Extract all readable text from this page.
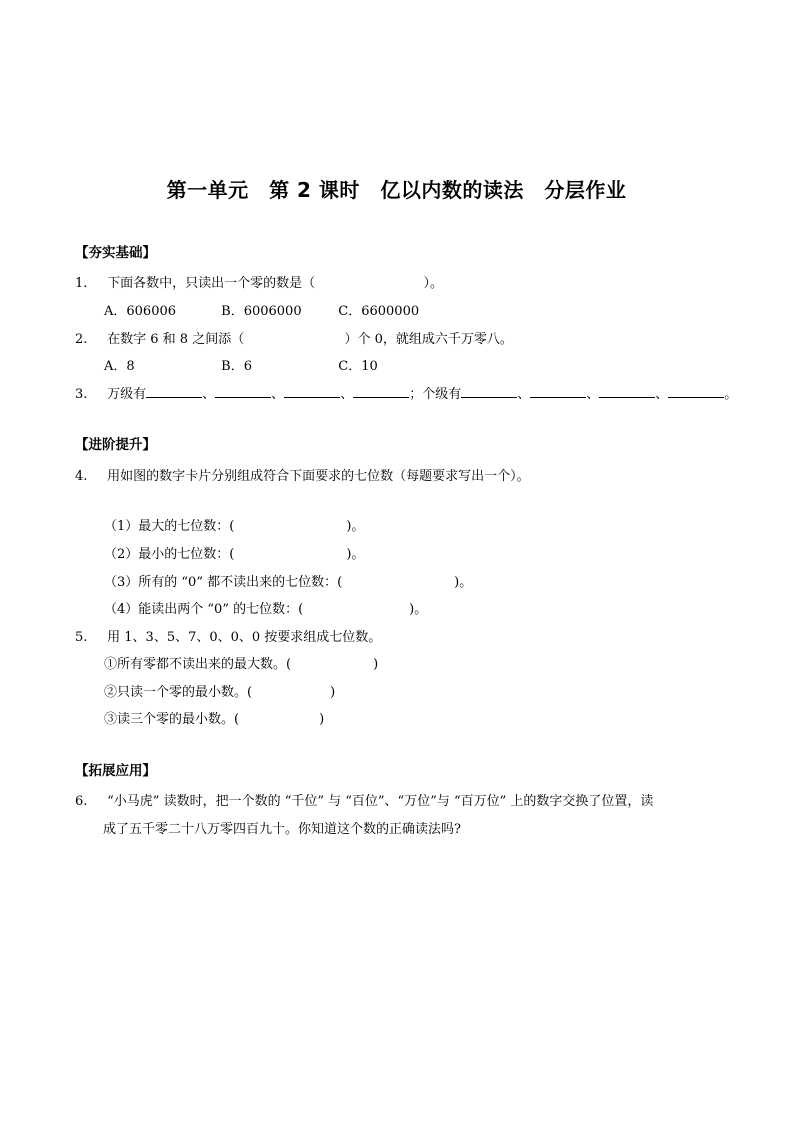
第一单元　第 2 课时　亿以内数的读法　分层作业
【夯实基础】
1. 下面各数中，只读出一个零的数是（	）。
A．606006	B．6006000	C．6600000
2. 在数字 6 和 8 之间添（	）个 0，就组成六千万零八。
A．8	B．6	C．10
3. 万级有	、	、	、	；个级有	、	、	、	。
【进阶提升】
4. 用如图的数字卡片分别组成符合下面要求的七位数（每题要求写出一个）。
（1）最大的七位数：(	)。
（2）最小的七位数：(	)。
（3）所有的 “0” 都不读出来的七位数：(	)。
（4）能读出两个 “0” 的七位数：(	)。
5. 用 1、3、5、7、0、0、0 按要求组成七位数。
①所有零都不读出来的最大数。(	)
②只读一个零的最小数。(	)
③读三个零的最小数。(	)
【拓展应用】
6. “小马虎” 读数时，把一个数的 “千位” 与 “百位”、“万位”与 “百万位” 上的数字交换了位置，读
成了五千零二十八万零四百九十。你知道这个数的正确读法吗?
